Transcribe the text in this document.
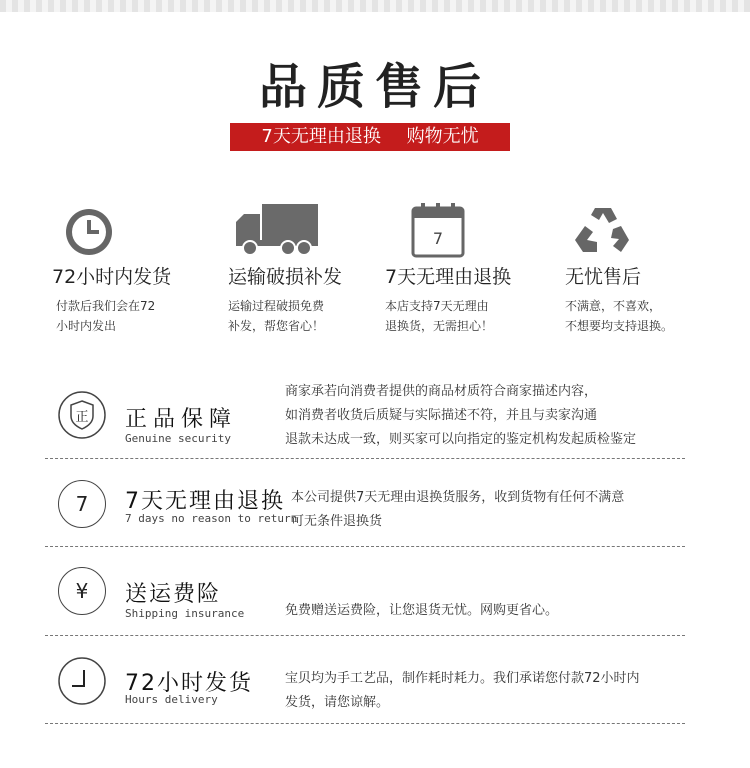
品质售后
7天无理由退换 购物无忧
72小时内发货
付款后我们会在72
小时内发出
运输破损补发
运输过程破损免费
补发，帮您省心！
7
7天无理由退换
本店支持7天无理由
退换货，无需担心！
无忧售后
不满意，不喜欢，
不想要均支持退换。
正 正品保障
Genuine security
商家承若向消费者提供的商品材质符合商家描述内容，
如消费者收货后质疑与实际描述不符，并且与卖家沟通
退款未达成一致，则买家可以向指定的鉴定机构发起质检鉴定
7	7天无理由退换
7 days no reason to return
本公司提供7天无理由退换货服务，收到货物有任何不满意
可无条件退换货
¥	送运费险
Shipping insurance	免费赠送运费险，让您退货无忧。网购更省心。
72小时发货
Hours delivery
宝贝均为手工艺品，制作耗时耗力。我们承诺您付款72小时内
发货，请您谅解。
